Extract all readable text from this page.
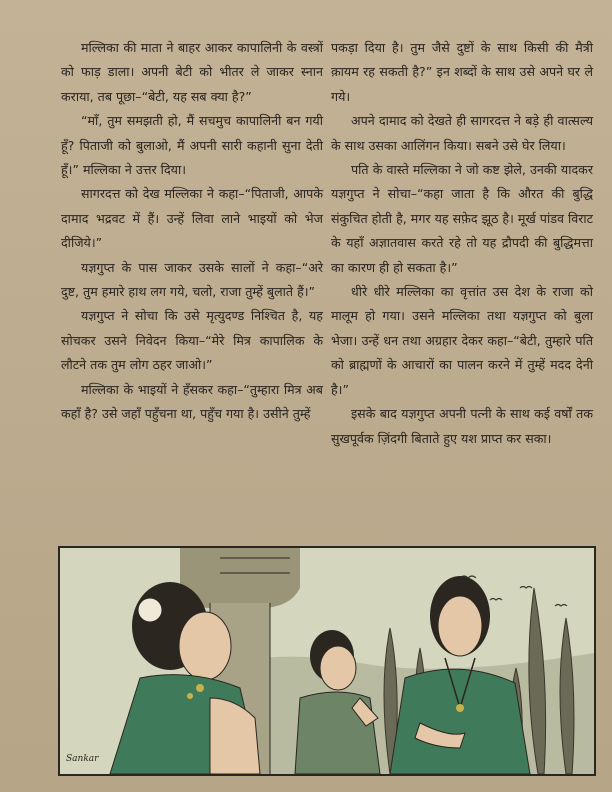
मल्लिका की माता ने बाहर आकर कापालिनी के वस्त्रों को फाड़ डाला। अपनी बेटी को भीतर ले जाकर स्नान कराया, तब पूछा–“बेटी, यह सब क्या है?”

“माँ, तुम समझती हो, मैं सचमुच कापालिनी बन गयी हूँ? पिताजी को बुलाओ, मैं अपनी सारी कहानी सुना देती हूँ।” मल्लिका ने उत्तर दिया।

सागरदत्त को देख मल्लिका ने कहा–“पिताजी, आपके दामाद भद्रवट में हैं। उन्हें लिवा लाने भाइयों को भेज दीजिये।”

यज्ञगुप्त के पास जाकर उसके सालों ने कहा–“अरे दुष्ट, तुम हमारे हाथ लग गये, चलो, राजा तुम्हें बुलाते हैं।”

यज्ञगुप्त ने सोचा कि उसे मृत्युदण्ड निश्चित है, यह सोचकर उसने निवेदन किया–“मेरे मित्र कापालिक के लौटने तक तुम लोग ठहर जाओ।”

मल्लिका के भाइयों ने हँसकर कहा–“तुम्हारा मित्र अब कहाँ है? उसे जहाँ पहुँचना था, पहुँच गया है। उसीने तुम्हें

पकड़ा दिया है। तुम जैसे दुष्टों के साथ किसी की मैत्री क़ायम रह सकती है?” इन शब्दों के साथ उसे अपने घर ले गये।

अपने दामाद को देखते ही सागरदत्त ने बड़े ही वात्सल्य के साथ उसका आलिंगन किया। सबने उसे घेर लिया।

पति के वास्ते मल्लिका ने जो कष्ट झेले, उनकी यादकर यज्ञगुप्त ने सोचा–“कहा जाता है कि औरत की बुद्धि संकुचित होती है, मगर यह सफ़ेद झूठ है। मूर्ख पांडव विराट के यहाँ अज्ञातवास करते रहे तो यह द्रौपदी की बुद्धिमत्ता का कारण ही हो सकता है।”

धीरे धीरे मल्लिका का वृत्तांत उस देश के राजा को मालूम हो गया। उसने मल्लिका तथा यज्ञगुप्त को बुला भेजा। उन्हें धन तथा अग्रहार देकर कहा–“बेटी, तुम्हारे पति को ब्राह्मणों के आचारों का पालन करने में तुम्हें मदद देनी है।”

इसके बाद यज्ञगुप्त अपनी पत्नी के साथ कई वर्षों तक सुखपूर्वक ज़िंदगी बिताते हुए यश प्राप्त कर सका।

Sankar
